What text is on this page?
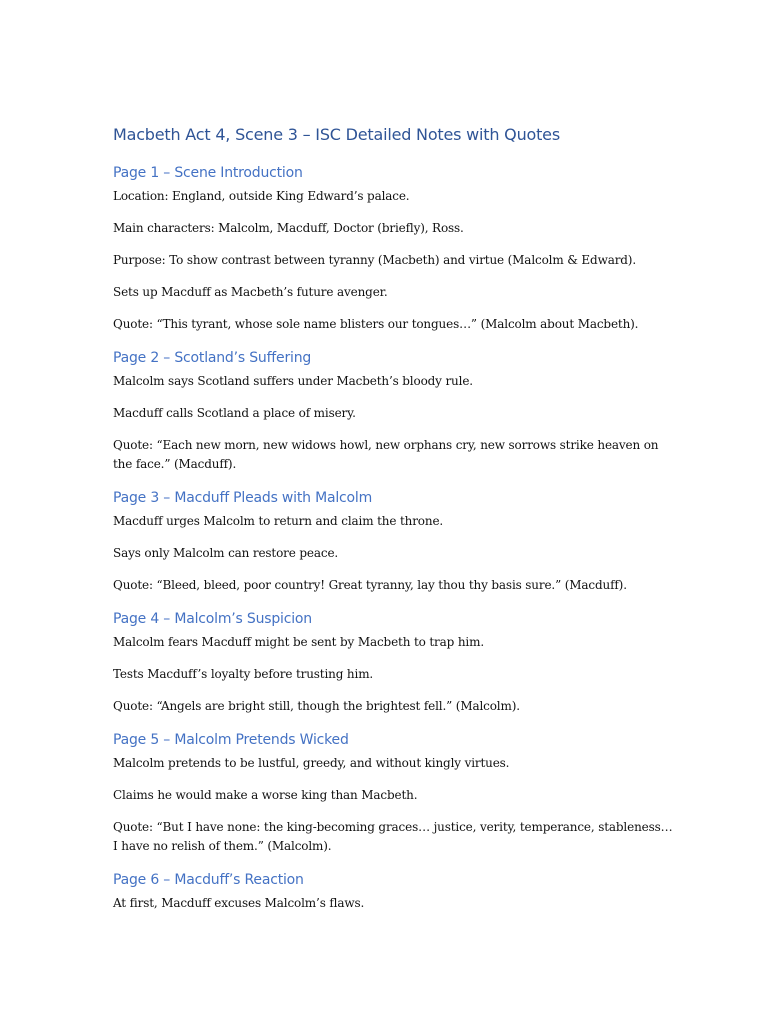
Macbeth Act 4, Scene 3 – ISC Detailed Notes with Quotes
Page 1 – Scene Introduction

Location: England, outside King Edward’s palace.

Main characters: Malcolm, Macduff, Doctor (briefly), Ross.

Purpose: To show contrast between tyranny (Macbeth) and virtue (Malcolm & Edward).

Sets up Macduff as Macbeth’s future avenger.

Quote: “This tyrant, whose sole name blisters our tongues…” (Malcolm about Macbeth).

Page 2 – Scotland’s Suffering

Malcolm says Scotland suffers under Macbeth’s bloody rule.

Macduff calls Scotland a place of misery.

Quote: “Each new morn, new widows howl, new orphans cry, new sorrows strike heaven on the face.” (Macduff).

Page 3 – Macduff Pleads with Malcolm

Macduff urges Malcolm to return and claim the throne.

Says only Malcolm can restore peace.

Quote: “Bleed, bleed, poor country! Great tyranny, lay thou thy basis sure.” (Macduff).

Page 4 – Malcolm’s Suspicion

Malcolm fears Macduff might be sent by Macbeth to trap him.

Tests Macduff’s loyalty before trusting him.

Quote: “Angels are bright still, though the brightest fell.” (Malcolm).

Page 5 – Malcolm Pretends Wicked

Malcolm pretends to be lustful, greedy, and without kingly virtues.

Claims he would make a worse king than Macbeth.

Quote: “But I have none: the king-becoming graces… justice, verity, temperance, stableness… I have no relish of them.” (Malcolm).

Page 6 – Macduff’s Reaction

At first, Macduff excuses Malcolm’s flaws.
